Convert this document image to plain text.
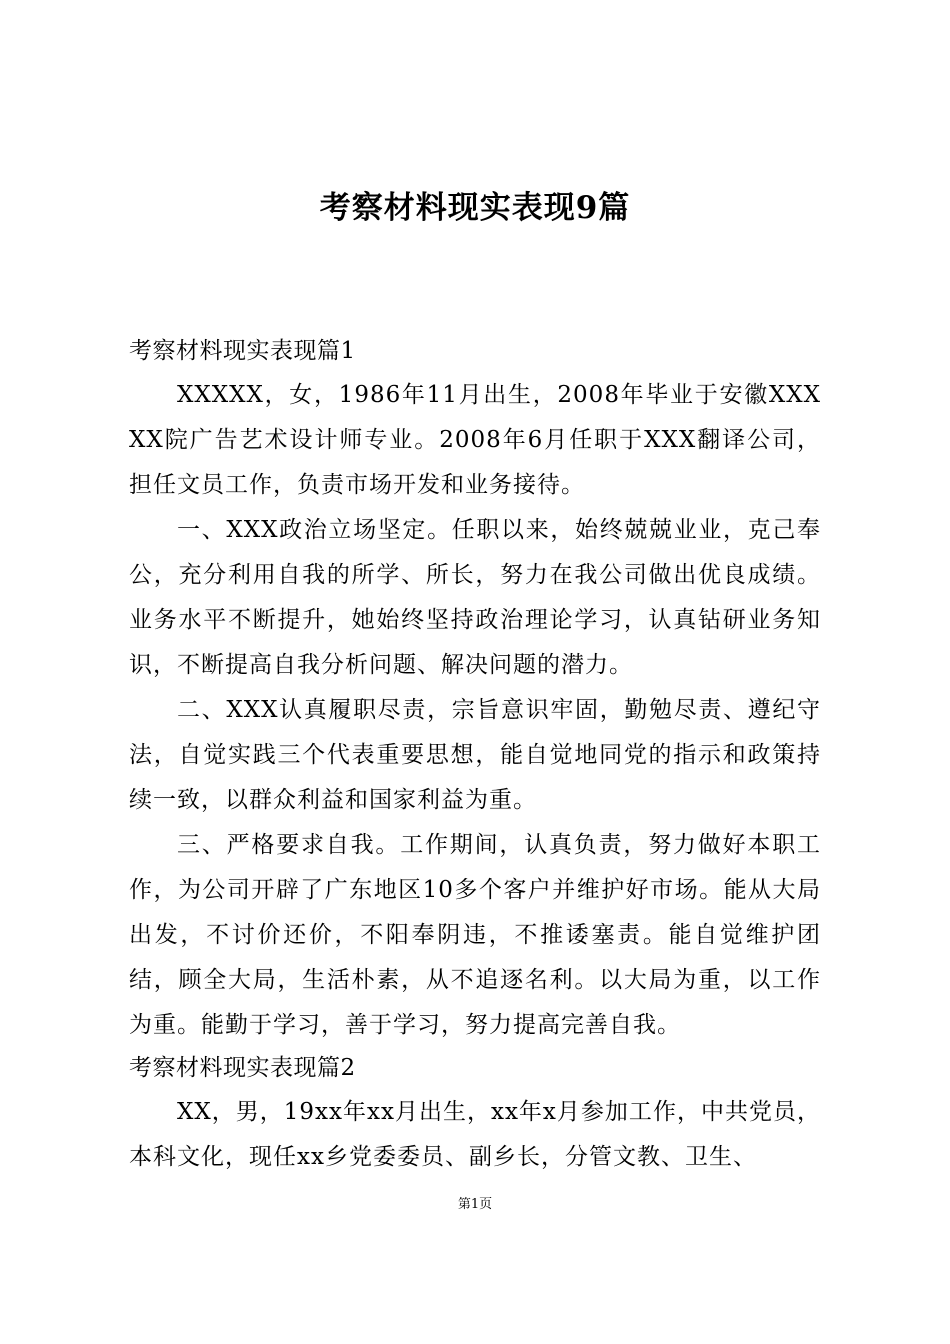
考察材料现实表现9篇

考察材料现实表现篇1

XXXXX，女，1986年11月出生，2008年毕业于安徽XXXXX院广告艺术设计师专业。2008年6月任职于XXX翻译公司，担任文员工作，负责市场开发和业务接待。

一、XXX政治立场坚定。任职以来，始终兢兢业业，克己奉公，充分利用自我的所学、所长，努力在我公司做出优良成绩。业务水平不断提升，她始终坚持政治理论学习，认真钻研业务知识，不断提高自我分析问题、解决问题的潜力。

二、XXX认真履职尽责，宗旨意识牢固，勤勉尽责、遵纪守法，自觉实践三个代表重要思想，能自觉地同党的指示和政策持续一致，以群众利益和国家利益为重。

三、严格要求自我。工作期间，认真负责，努力做好本职工作，为公司开辟了广东地区10多个客户并维护好市场。能从大局出发，不讨价还价，不阳奉阴违，不推诿塞责。能自觉维护团结，顾全大局，生活朴素，从不追逐名利。以大局为重，以工作为重。能勤于学习，善于学习，努力提高完善自我。

考察材料现实表现篇2

XX，男，19xx年xx月出生，xx年x月参加工作，中共党员，本科文化，现任xx乡党委委员、副乡长，分管文教、卫生、

第1页
